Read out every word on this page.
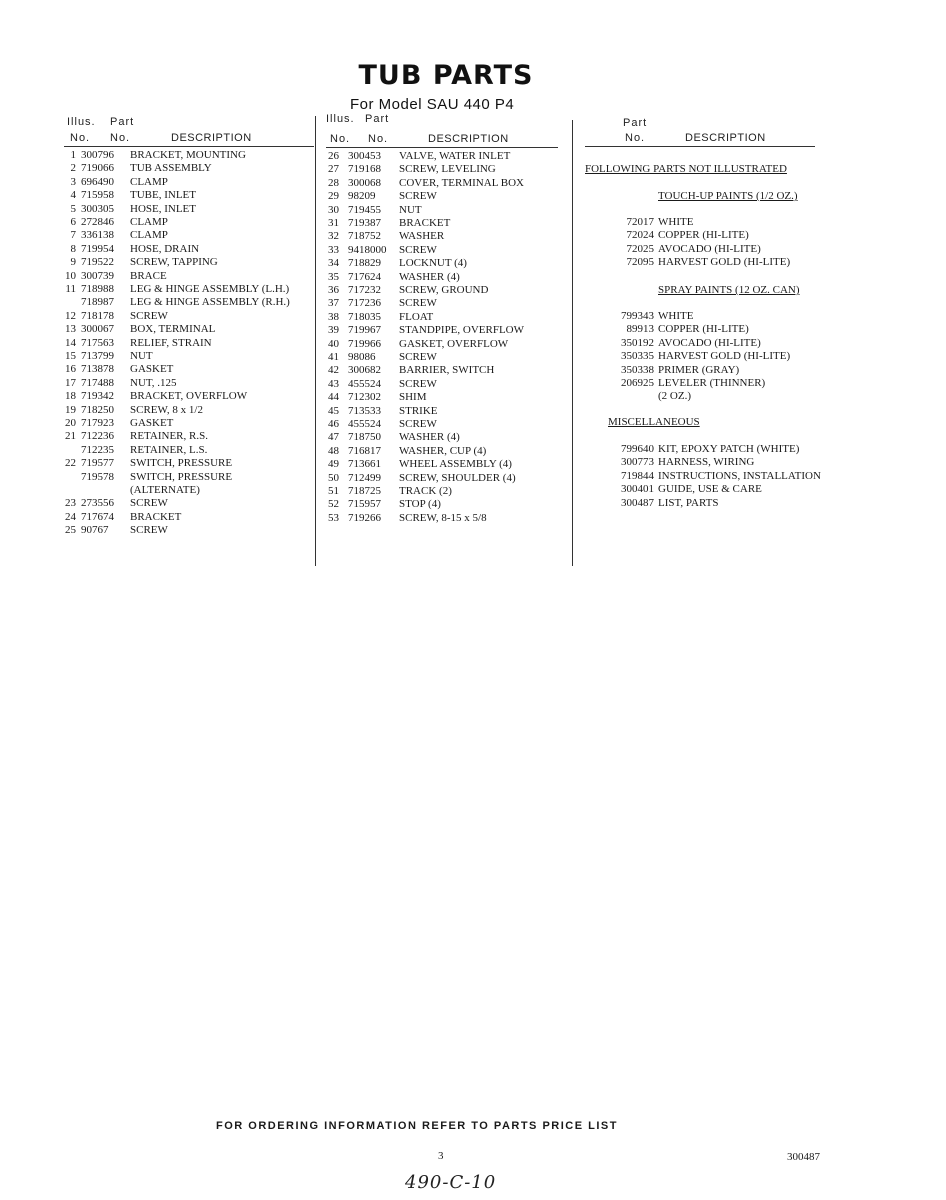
TUB PARTS
For Model SAU 440 P4
Illus. Part
No. No.	DESCRIPTION
1 300796 BRACKET, MOUNTING
2 719066 TUB ASSEMBLY
3 696490 CLAMP
4 715958 TUBE, INLET
5 300305 HOSE, INLET
6 272846 CLAMP
7 336138 CLAMP
8 719954 HOSE, DRAIN
9 719522 SCREW, TAPPING
10 300739 BRACE
11 718988 LEG & HINGE ASSEMBLY (L.H.)
718987 LEG & HINGE ASSEMBLY (R.H.)
12 718178 SCREW
13 300067 BOX, TERMINAL
14 717563 RELIEF, STRAIN
15 713799 NUT
16 713878 GASKET
17 717488 NUT, .125
18 719342 BRACKET, OVERFLOW
19 718250 SCREW, 8 x 1/2
20 717923 GASKET
21 712236 RETAINER, R.S.
712235 RETAINER, L.S.
22 719577 SWITCH, PRESSURE
719578 SWITCH, PRESSURE
(ALTERNATE)
23 273556 SCREW
24 717674 BRACKET
25 90767 SCREW
Illus. Part
No. No.	DESCRIPTION
26 300453 VALVE, WATER INLET
27 719168 SCREW, LEVELING
28 300068 COVER, TERMINAL BOX
29 98209 SCREW
30 719455 NUT
31 719387 BRACKET
32 718752 WASHER
33 9418000 SCREW
34 718829 LOCKNUT (4)
35 717624 WASHER (4)
36 717232 SCREW, GROUND
37 717236 SCREW
38 718035 FLOAT
39 719967 STANDPIPE, OVERFLOW
40 719966 GASKET, OVERFLOW
41 98086 SCREW
42 300682 BARRIER, SWITCH
43 455524 SCREW
44 712302 SHIM
45 713533 STRIKE
46 455524 SCREW
47 718750 WASHER (4)
48 716817 WASHER, CUP (4)
49 713661 WHEEL ASSEMBLY (4)
50 712499 SCREW, SHOULDER (4)
51 718725 TRACK (2)
52 715957 STOP (4)
53 719266 SCREW, 8-15 x 5/8
Part
No.	DESCRIPTION
FOLLOWING PARTS NOT ILLUSTRATED
TOUCH-UP PAINTS (1/2 OZ.)
72017 WHITE
72024 COPPER (HI-LITE)
72025 AVOCADO (HI-LITE)
72095 HARVEST GOLD (HI-LITE)
SPRAY PAINTS (12 OZ. CAN)
799343 WHITE
89913 COPPER (HI-LITE)
350192 AVOCADO (HI-LITE)
350335 HARVEST GOLD (HI-LITE)
350338 PRIMER (GRAY)
206925 LEVELER (THINNER)
(2 OZ.)
MISCELLANEOUS
799640 KIT, EPOXY PATCH (WHITE)
300773 HARNESS, WIRING
719844 INSTRUCTIONS, INSTALLATION
300401 GUIDE, USE & CARE
300487 LIST, PARTS
FOR ORDERING INFORMATION REFER TO PARTS PRICE LIST
3	300487
490-C-10
